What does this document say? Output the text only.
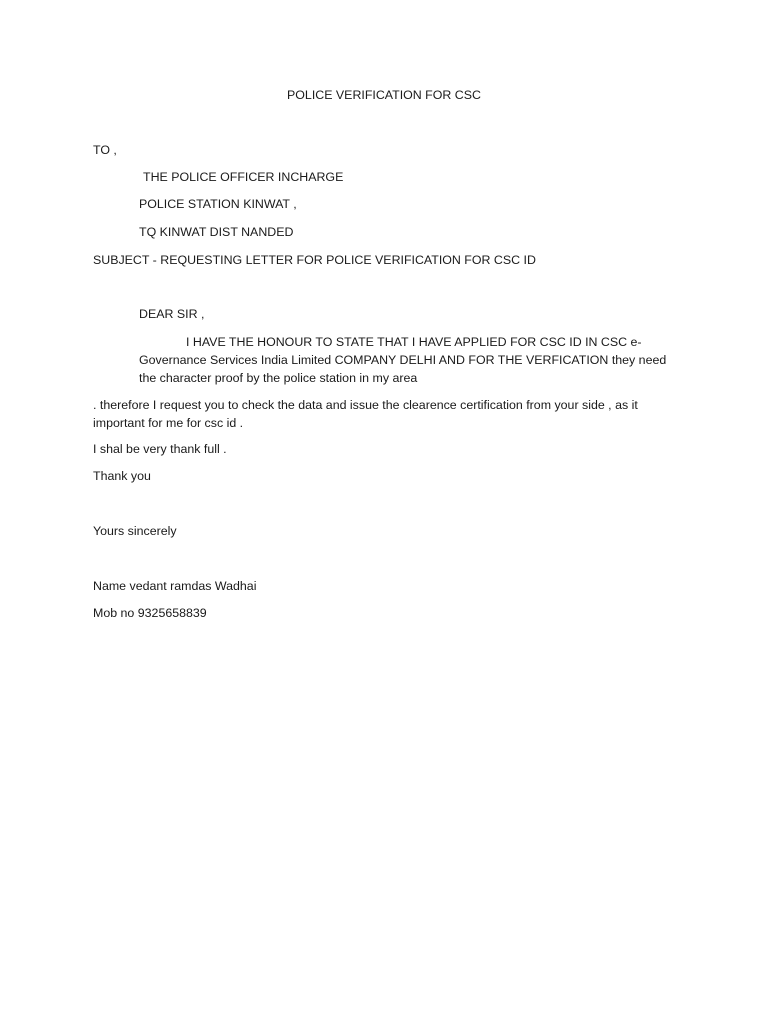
POLICE VERIFICATION FOR CSC
TO ,
THE POLICE OFFICER INCHARGE
POLICE STATION KINWAT ,
TQ KINWAT DIST NANDED
SUBJECT - REQUESTING LETTER FOR POLICE VERIFICATION FOR CSC ID
DEAR SIR ,
I HAVE THE HONOUR TO STATE THAT I HAVE APPLIED FOR CSC ID IN CSC e-Governance Services India Limited COMPANY DELHI AND FOR THE VERFICATION they need the character proof by the police station in my area
. therefore I request you to check the data and issue the clearence certification from your side , as it important for me for csc id .
I shal be very thank full .
Thank you
Yours sincerely
Name vedant ramdas Wadhai
Mob no 9325658839
